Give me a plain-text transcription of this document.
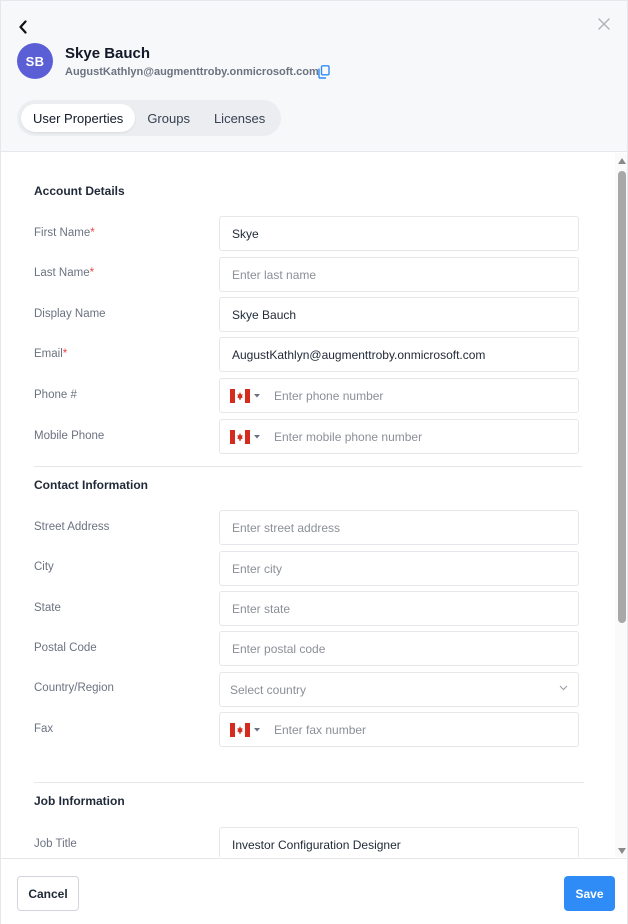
SB	Skye Bauch
AugustKathlyn@augmenttroby.onmicrosoft.com
User Properties	Groups	Licenses
Account Details
First Name*	Skye
Last Name*	Enter last name
Display Name	Skye Bauch
Email*	AugustKathlyn@augmenttroby.onmicrosoft.com
Phone #	Enter phone number
Mobile Phone	Enter mobile phone number
Contact Information
Street Address	Enter street address
City	Enter city
State	Enter state
Postal Code	Enter postal code
Country/Region	Select country
Fax	Enter fax number
Job Information
Job Title	Investor Configuration Designer
Cancel	Save
